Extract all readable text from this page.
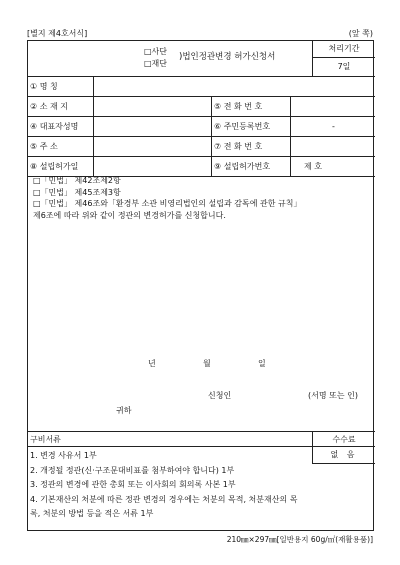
[별지 제4호서식]	(앞 쪽)
□사단
□재단
)법인정관변경 허가신청서
처리기간
7일
① 명 칭
② 소 재 지	⑤ 전 화 번 호
④ 대표자성명	⑥ 주민등록번호	-
⑤ 주 소	⑦ 전 화 번 호
⑧ 설립허가일	⑨ 설립허가번호	제 호

□「민법」 제42조제2항

□「민법」 제45조제3항

□「민법」 제46조와「환경부 소관 비영리법인의 설립과 감독에 관한 규칙」

제6조에 따라 위와 같이 정관의 변경허가를 신청합니다.

년	월	일
신청인	(서명 또는 인)
귀하
구비서류	수수료
없 음

1. 변경 사유서 1부

2. 개정될 정관(신·구조문대비표를 첨부하여야 합니다) 1부

3. 정관의 변경에 관한 총회 또는 이사회의 회의록 사본 1부

4. 기본재산의 처분에 따른 정관 변경의 경우에는 처분의 목적, 처분재산의 목

록, 처분의 방법 등을 적은 서류 1부

210㎜×297㎜[일반용지 60g/㎡(재활용품)]
